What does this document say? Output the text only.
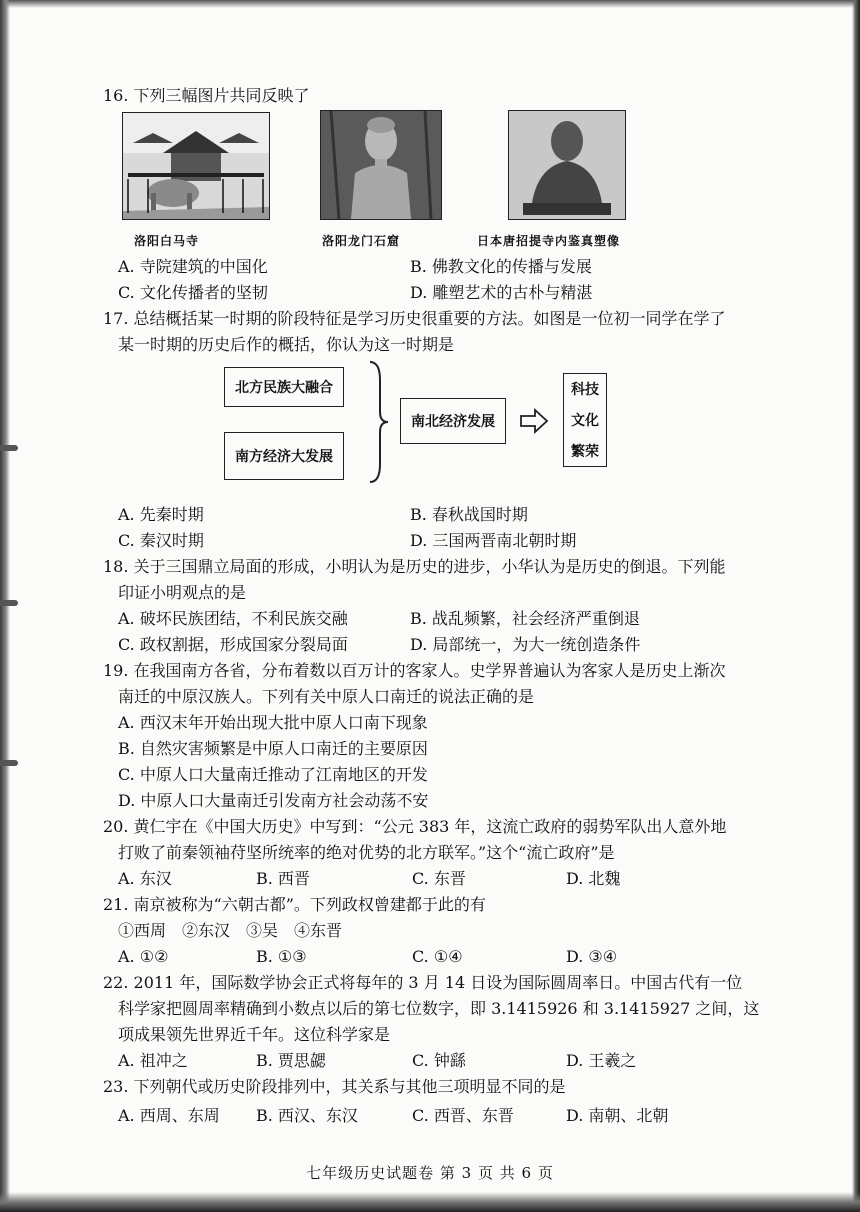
16. 下列三幅图片共同反映了
洛阳白马寺	洛阳龙门石窟	日本唐招提寺内鉴真塑像
A. 寺院建筑的中国化	B. 佛教文化的传播与发展
C. 文化传播者的坚韧	D. 雕塑艺术的古朴与精湛
17. 总结概括某一时期的阶段特征是学习历史很重要的方法。如图是一位初一同学在学了
某一时期的历史后作的概括，你认为这一时期是
北方民族大融合
南方经济大发展
南北经济发展
科技
文化
繁荣
A. 先秦时期	B. 春秋战国时期
C. 秦汉时期	D. 三国两晋南北朝时期
18. 关于三国鼎立局面的形成，小明认为是历史的进步，小华认为是历史的倒退。下列能
印证小明观点的是
A. 破坏民族团结，不利民族交融	B. 战乱频繁，社会经济严重倒退
C. 政权割据，形成国家分裂局面	D. 局部统一，为大一统创造条件
19. 在我国南方各省，分布着数以百万计的客家人。史学界普遍认为客家人是历史上渐次
南迁的中原汉族人。下列有关中原人口南迁的说法正确的是
A. 西汉末年开始出现大批中原人口南下现象
B. 自然灾害频繁是中原人口南迁的主要原因
C. 中原人口大量南迁推动了江南地区的开发
D. 中原人口大量南迁引发南方社会动荡不安
20. 黄仁宇在《中国大历史》中写到：“公元 383 年，这流亡政府的弱势军队出人意外地
打败了前秦领袖苻坚所统率的绝对优势的北方联军。”这个“流亡政府”是
A. 东汉	B. 西晋	C. 东晋	D. 北魏
21. 南京被称为“六朝古都”。下列政权曾建都于此的有
①西周　②东汉　③吴　④东晋
A. ①②	B. ①③	C. ①④	D. ③④
22. 2011 年，国际数学协会正式将每年的 3 月 14 日设为国际圆周率日。中国古代有一位
科学家把圆周率精确到小数点以后的第七位数字，即 3.1415926 和 3.1415927 之间，这
项成果领先世界近千年。这位科学家是
A. 祖冲之	B. 贾思勰	C. 钟繇	D. 王羲之
23. 下列朝代或历史阶段排列中，其关系与其他三项明显不同的是
A. 西周、东周 B. 西汉、东汉	C. 西晋、东晋	D. 南朝、北朝
七年级历史试题卷 第 3 页 共 6 页
